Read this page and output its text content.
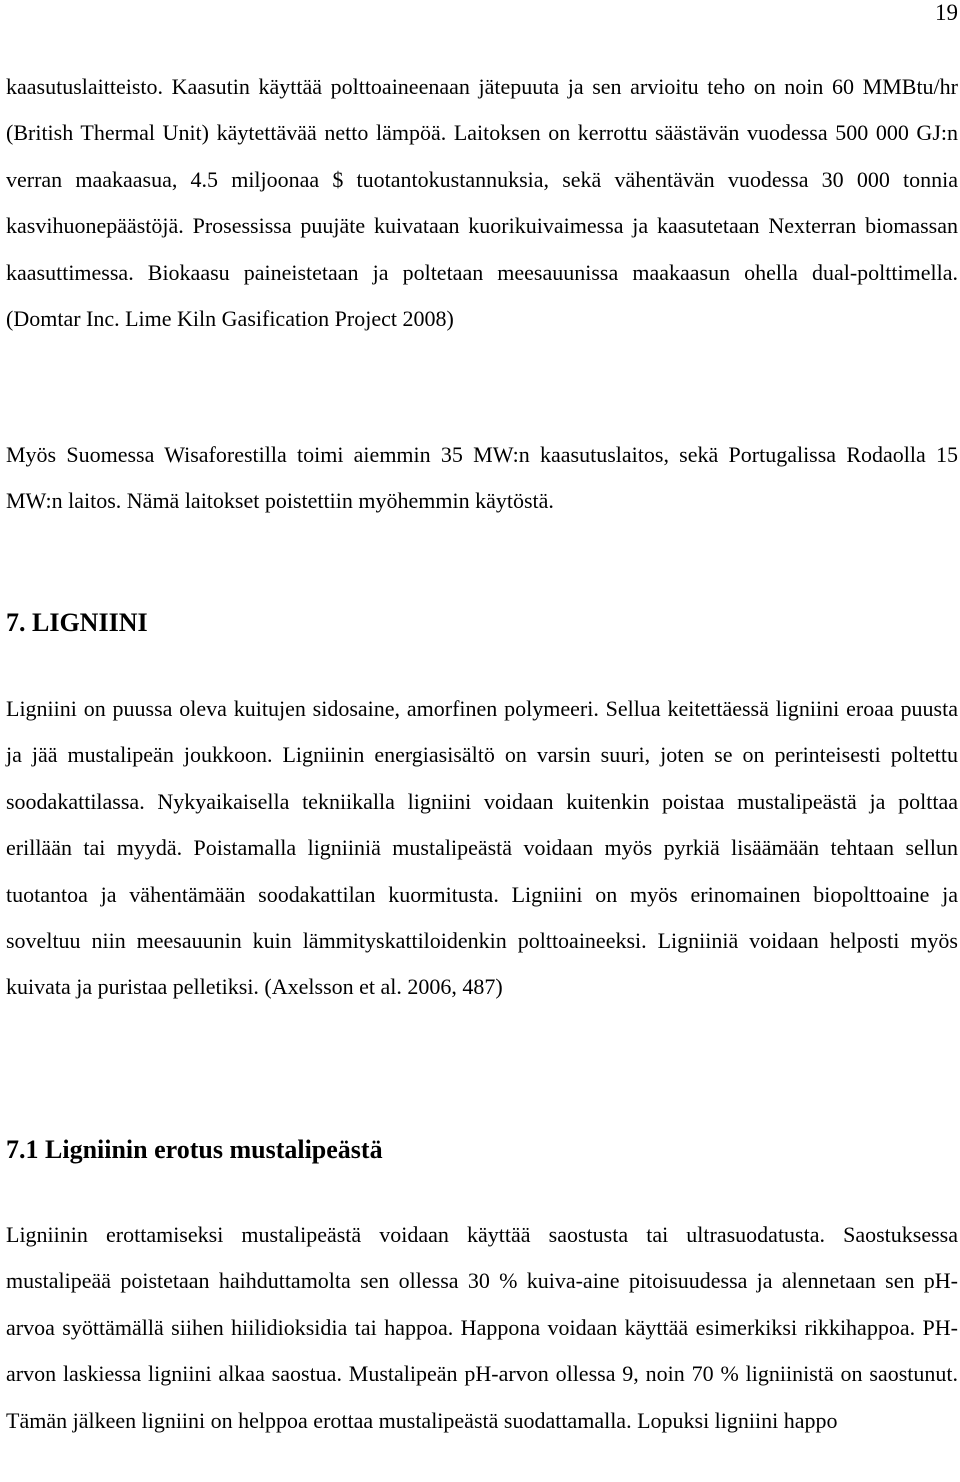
19

kaasutuslaitteisto. Kaasutin käyttää polttoaineenaan jätepuuta ja sen arvioitu teho on noin 60 MMBtu/hr (British Thermal Unit) käytettävää netto lämpöä. Laitoksen on kerrottu säästävän vuodessa 500 000 GJ:n verran maakaasua, 4.5 miljoonaa $ tuotantokustannuksia, sekä vähentävän vuodessa 30 000 tonnia kasvihuonepäästöjä. Prosessissa puujäte kuivataan kuorikuivaimessa ja kaasutetaan Nexterran biomassan kaasuttimessa. Biokaasu paineistetaan ja poltetaan meesauunissa maakaasun ohella dual-polttimella. (Domtar Inc. Lime Kiln Gasification Project 2008)

Myös Suomessa Wisaforestilla toimi aiemmin 35 MW:n kaasutuslaitos, sekä Portugalissa Rodaolla 15 MW:n laitos. Nämä laitokset poistettiin myöhemmin käytöstä.

7. LIGNIINI

Ligniini on puussa oleva kuitujen sidosaine, amorfinen polymeeri. Sellua keitettäessä ligniini eroaa puusta ja jää mustalipeän joukkoon. Ligniinin energiasisältö on varsin suuri, joten se on perinteisesti poltettu soodakattilassa. Nykyaikaisella tekniikalla ligniini voidaan kuitenkin poistaa mustalipeästä ja polttaa erillään tai myydä. Poistamalla ligniiniä mustalipeästä voidaan myös pyrkiä lisäämään tehtaan sellun tuotantoa ja vähentämään soodakattilan kuormitusta. Ligniini on myös erinomainen biopolttoaine ja soveltuu niin meesauunin kuin lämmityskattiloidenkin polttoaineeksi. Ligniiniä voidaan helposti myös kuivata ja puristaa pelletiksi. (Axelsson et al. 2006, 487)

7.1 Ligniinin erotus mustalipeästä

Ligniinin erottamiseksi mustalipeästä voidaan käyttää saostusta tai ultrasuodatusta. Saostuksessa mustalipeää poistetaan haihduttamolta sen ollessa 30 % kuiva-aine pitoisuudessa ja alennetaan sen pH-arvoa syöttämällä siihen hiilidioksidia tai happoa. Happona voidaan käyttää esimerkiksi rikkihappoa. PH-arvon laskiessa ligniini alkaa saostua. Mustalipeän pH-arvon ollessa 9, noin 70 % ligniinistä on saostunut. Tämän jälkeen ligniini on helppoa erottaa mustalipeästä suodattamalla. Lopuksi ligniini happo
